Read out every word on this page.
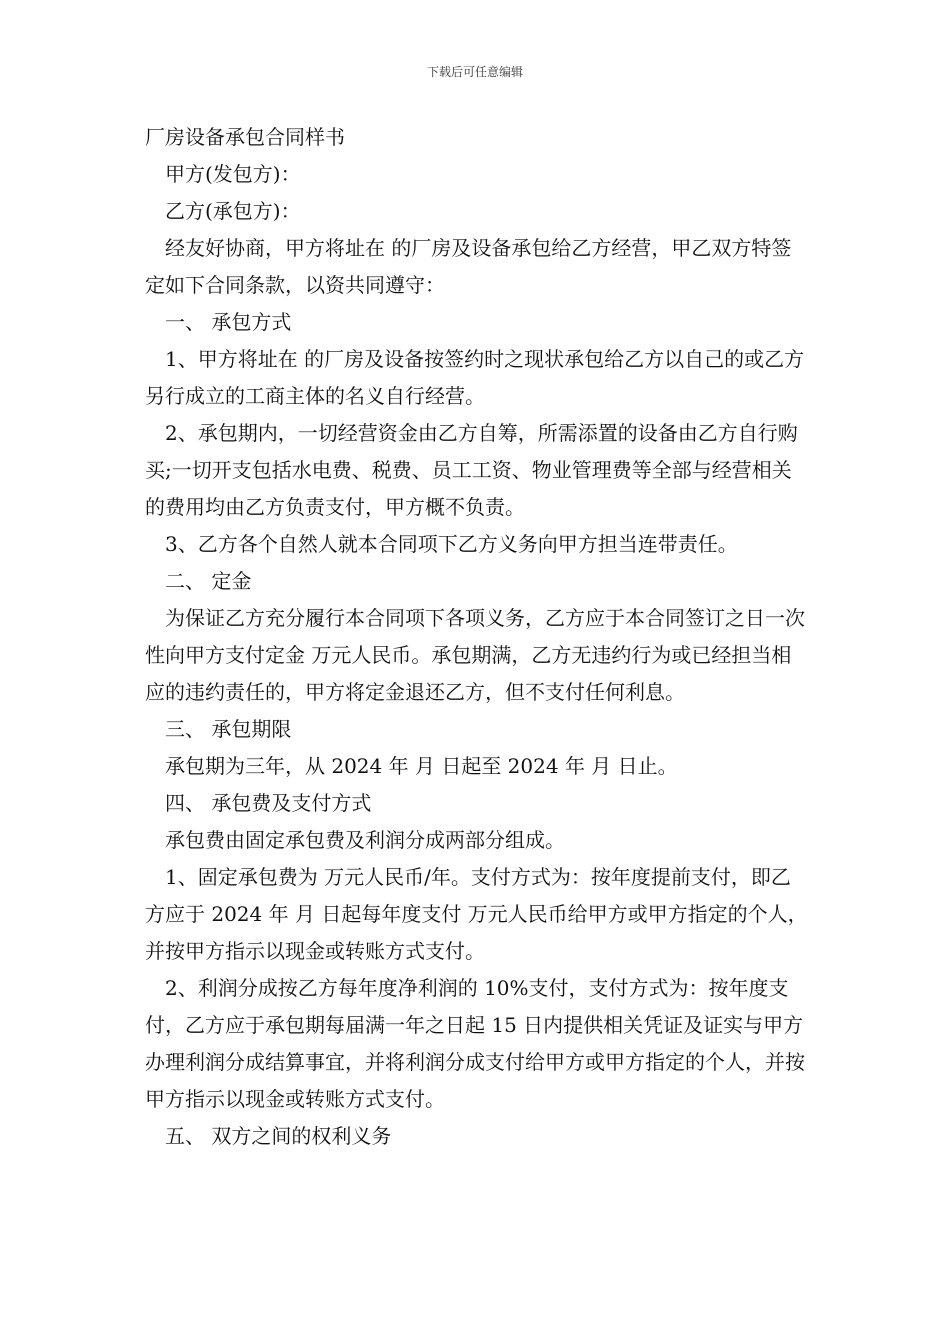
下载后可任意编辑

厂房设备承包合同样书

甲方(发包方)：

乙方(承包方)：

经友好协商，甲方将址在 的厂房及设备承包给乙方经营，甲乙双方特签定如下合同条款，以资共同遵守：

一、 承包方式

1、甲方将址在 的厂房及设备按签约时之现状承包给乙方以自己的或乙方另行成立的工商主体的名义自行经营。

2、承包期内，一切经营资金由乙方自筹，所需添置的设备由乙方自行购买;一切开支包括水电费、税费、员工工资、物业管理费等全部与经营相关的费用均由乙方负责支付，甲方概不负责。

3、乙方各个自然人就本合同项下乙方义务向甲方担当连带责任。

二、 定金

为保证乙方充分履行本合同项下各项义务，乙方应于本合同签订之日一次性向甲方支付定金 万元人民币。承包期满，乙方无违约行为或已经担当相应的违约责任的，甲方将定金退还乙方，但不支付任何利息。

三、 承包期限

承包期为三年，从 2024 年 月 日起至 2024 年 月 日止。

四、 承包费及支付方式

承包费由固定承包费及利润分成两部分组成。

1、固定承包费为 万元人民币/年。支付方式为：按年度提前支付，即乙方应于 2024 年 月 日起每年度支付 万元人民币给甲方或甲方指定的个人，并按甲方指示以现金或转账方式支付。

2、利润分成按乙方每年度净利润的 10%支付，支付方式为：按年度支付，乙方应于承包期每届满一年之日起 15 日内提供相关凭证及证实与甲方办理利润分成结算事宜，并将利润分成支付给甲方或甲方指定的个人，并按甲方指示以现金或转账方式支付。

五、 双方之间的权利义务
